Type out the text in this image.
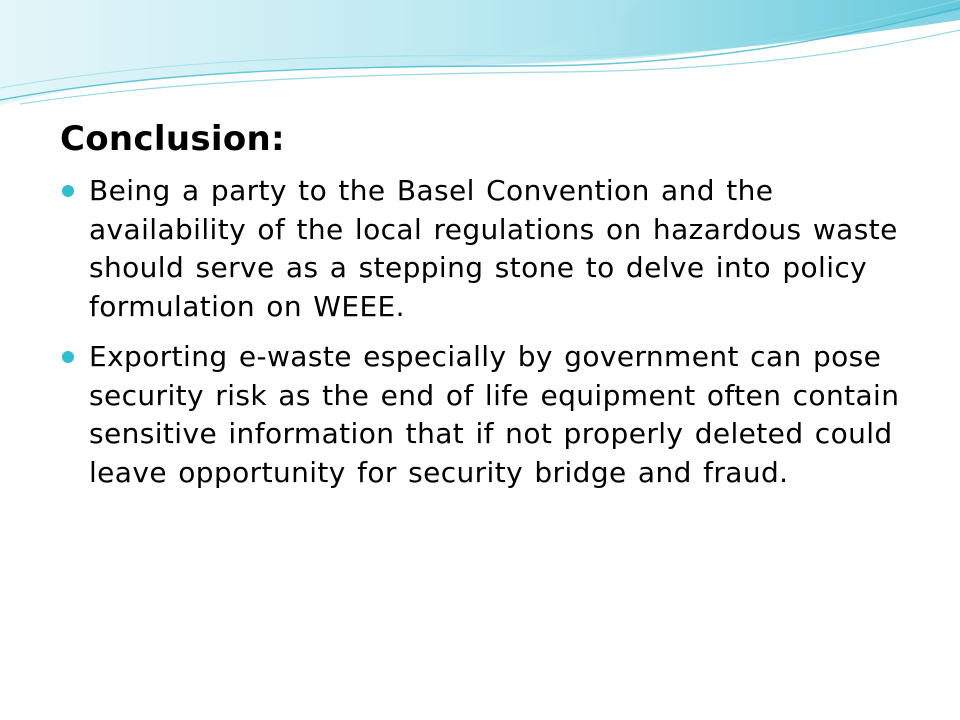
Conclusion:
Being a party to the Basel Convention and the availability of the local regulations on hazardous waste should serve as a stepping stone to delve into policy formulation on WEEE.
Exporting e-waste especially by government can pose security risk as the end of life equipment often contain sensitive information that if not properly deleted could leave opportunity for security bridge and fraud.
